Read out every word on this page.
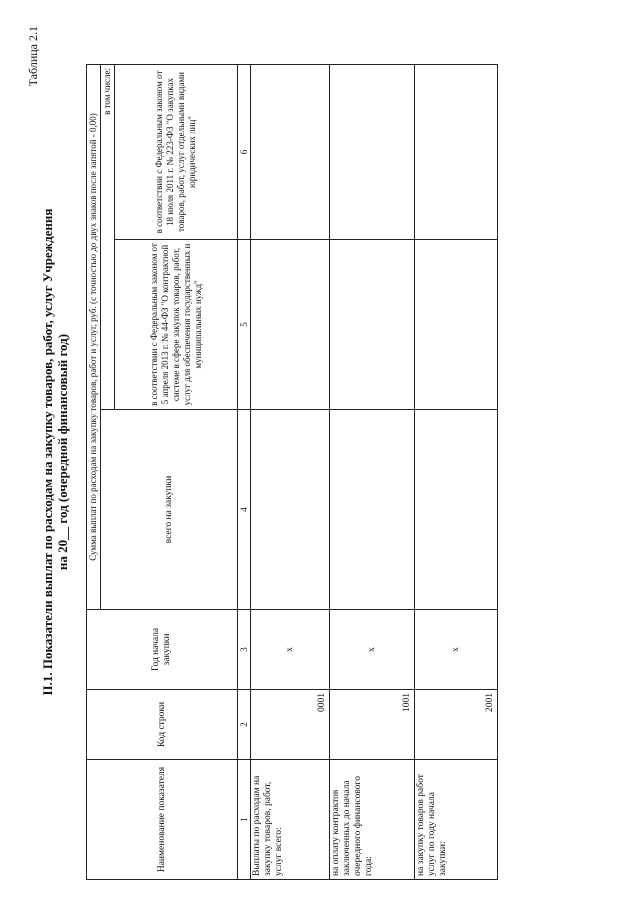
Таблица 2.1
II.1. Показатели выплат по расходам на закупку товаров, работ, услуг Учреждения на 20__ год (очередной финансовый год)
Наименование показателя	Код строки	Год начала закупки	Сумма выплат по расходам на закупку товаров, работ и услуг, руб. (с точностью до двух знаков после запятой - 0,00)		
			всего на закупки	в том числе:	
				в соответствии с Федеральным законом от 5 апреля 2013 г. № 44-ФЗ "О контрактной системе в сфере закупок товаров, работ, услуг для обеспечения государственных и муниципальных нужд"	в соответствии с Федеральным законом от 18 июля 2011 г. № 223-ФЗ "О закупках товаров, работ, услуг отдельными видами юридических лиц"
1	2	3	4	5	6
Выплаты по расходам на закупку товаров, работ, услуг всего:	0001	x			
на оплату контрактов заключенных до начала очередного финансового года:	1001	x			
на закупку товаров работ услуг по году начала закупки:	2001	x			
